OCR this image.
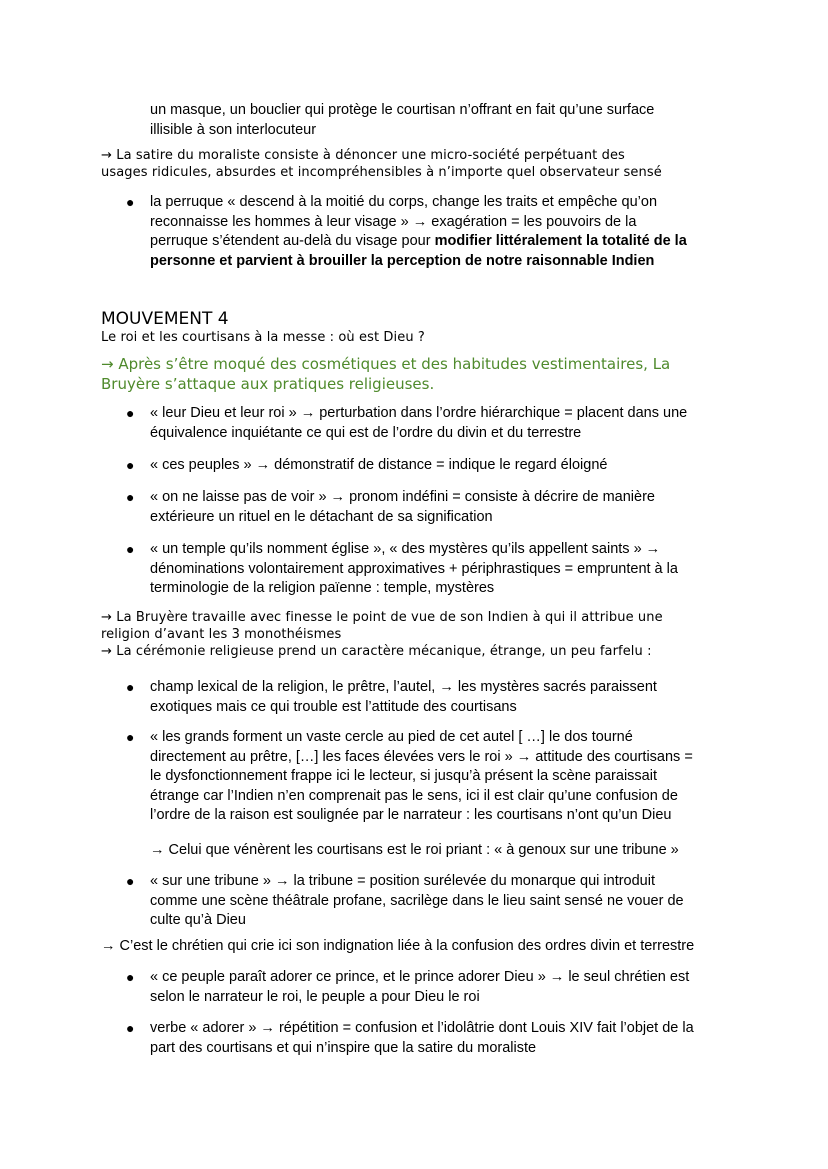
un masque, un bouclier qui protège le courtisan n’offrant en fait qu’une surface
illisible à son interlocuteur
→ La satire du moraliste consiste à dénoncer une micro-société perpétuant des
usages ridicules, absurdes et incompréhensibles à n’importe quel observateur sensé
● la perruque « descend à la moitié du corps, change les traits et empêche qu’on
reconnaisse les hommes à leur visage » → exagération = les pouvoirs de la
perruque s’étendent au-delà du visage pour modifier littéralement la totalité de la
personne et parvient à brouiller la perception de notre raisonnable Indien
MOUVEMENT 4
Le roi et les courtisans à la messe : où est Dieu ?
→ Après s’être moqué des cosmétiques et des habitudes vestimentaires, La
Bruyère s’attaque aux pratiques religieuses.
● « leur Dieu et leur roi » → perturbation dans l’ordre hiérarchique = placent dans une
équivalence inquiétante ce qui est de l’ordre du divin et du terrestre
● « ces peuples » → démonstratif de distance = indique le regard éloigné
● « on ne laisse pas de voir » → pronom indéfini = consiste à décrire de manière
extérieure un rituel en le détachant de sa signification
● « un temple qu’ils nomment église », « des mystères qu’ils appellent saints » →
dénominations volontairement approximatives + périphrastiques = empruntent à la
terminologie de la religion païenne : temple, mystères
→ La Bruyère travaille avec finesse le point de vue de son Indien à qui il attribue une
religion d’avant les 3 monothéismes
→ La cérémonie religieuse prend un caractère mécanique, étrange, un peu farfelu :
● champ lexical de la religion, le prêtre, l’autel, → les mystères sacrés paraissent
exotiques mais ce qui trouble est l’attitude des courtisans
● « les grands forment un vaste cercle au pied de cet autel [ …] le dos tourné
directement au prêtre, […] les faces élevées vers le roi » → attitude des courtisans =
le dysfonctionnement frappe ici le lecteur, si jusqu’à présent la scène paraissait
étrange car l’Indien n’en comprenait pas le sens, ici il est clair qu’une confusion de
l’ordre de la raison est soulignée par le narrateur : les courtisans n’ont qu’un Dieu
→ Celui que vénèrent les courtisans est le roi priant : « à genoux sur une tribune »
● « sur une tribune » → la tribune = position surélevée du monarque qui introduit
comme une scène théâtrale profane, sacrilège dans le lieu saint sensé ne vouer de
culte qu’à Dieu
→ C’est le chrétien qui crie ici son indignation liée à la confusion des ordres divin et terrestre
● « ce peuple paraît adorer ce prince, et le prince adorer Dieu » → le seul chrétien est
selon le narrateur le roi, le peuple a pour Dieu le roi
● verbe « adorer » → répétition = confusion et l’idolâtrie dont Louis XIV fait l’objet de la
part des courtisans et qui n’inspire que la satire du moraliste
